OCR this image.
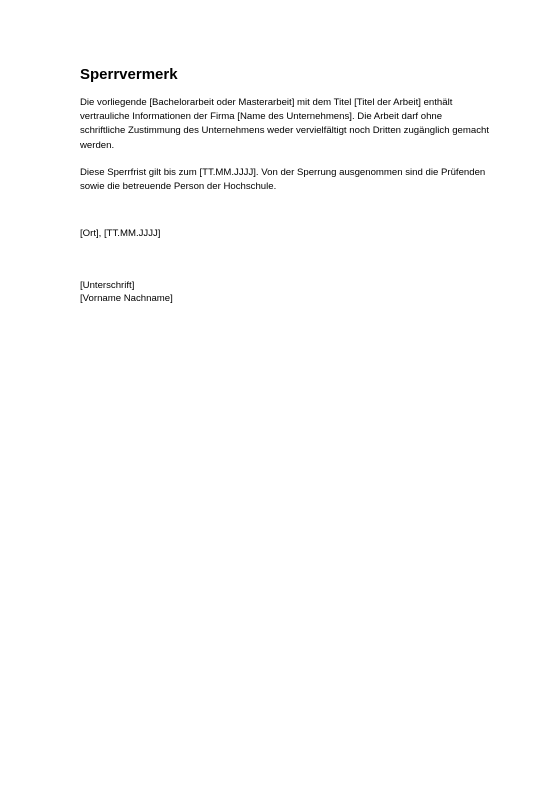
Sperrvermerk

Die vorliegende [Bachelorarbeit oder Masterarbeit] mit dem Titel [Titel der Arbeit] enthält vertrauliche Informationen der Firma [Name des Unternehmens]. Die Arbeit darf ohne schriftliche Zustimmung des Unternehmens weder vervielfältigt noch Dritten zugänglich gemacht werden.

Diese Sperrfrist gilt bis zum [TT.MM.JJJJ]. Von der Sperrung ausgenommen sind die Prüfenden sowie die betreuende Person der Hochschule.

[Ort], [TT.MM.JJJJ]
[Unterschrift]
[Vorname Nachname]
